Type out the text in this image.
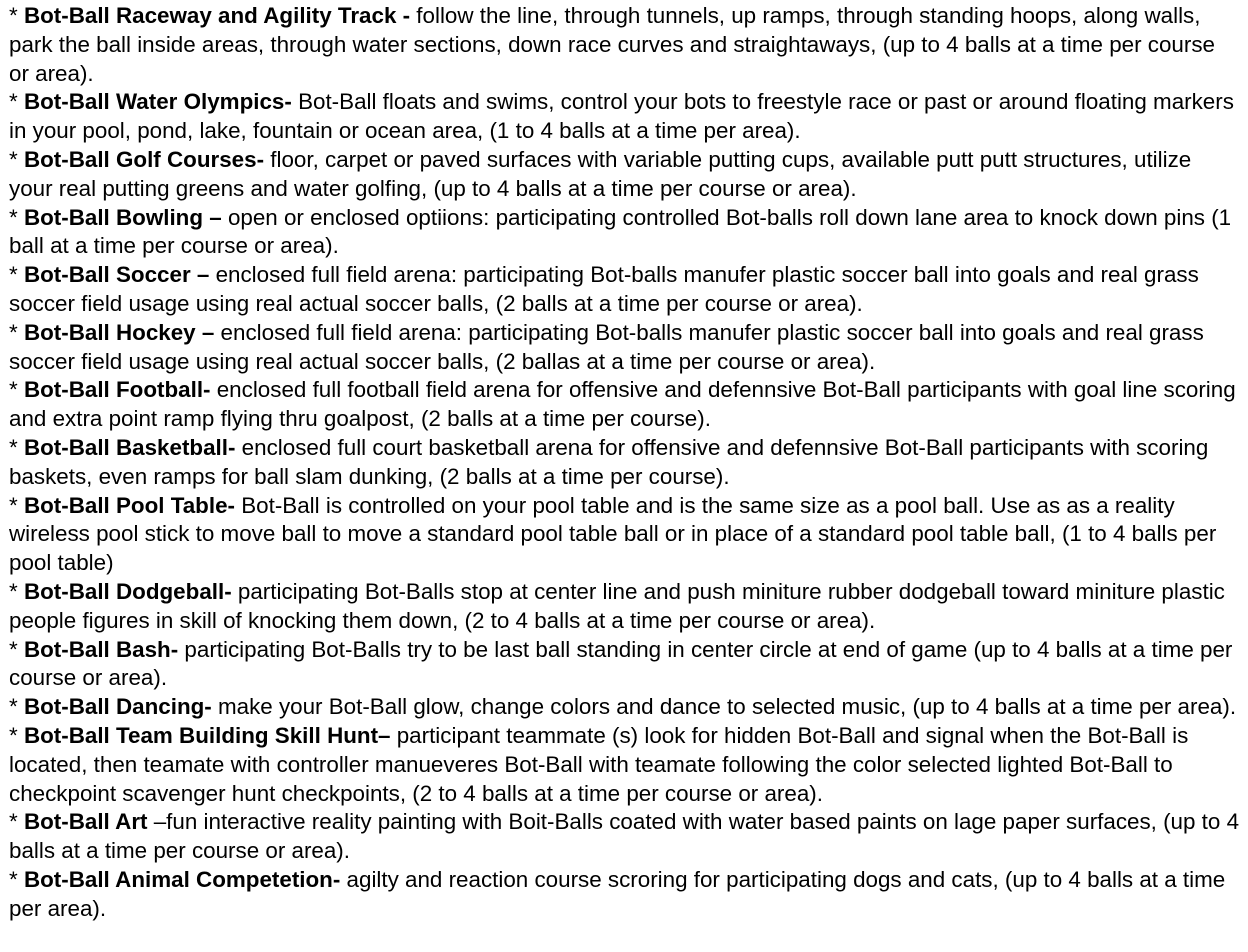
* Bot-Ball Raceway and Agility Track - follow the line, through tunnels, up ramps, through standing hoops, along walls, park the ball inside areas, through water sections, down race curves and straightaways, (up to 4 balls at a time per course or area).

* Bot-Ball Water Olympics- Bot-Ball floats and swims, control your bots to freestyle race or past or around floating markers in your pool, pond, lake, fountain or ocean area, (1 to 4 balls at a time per area).

* Bot-Ball Golf Courses- floor, carpet or paved surfaces with variable putting cups, available putt putt structures, utilize your real putting greens and water golfing, (up to 4 balls at a time per course or area).

* Bot-Ball Bowling – open or enclosed optiions: participating controlled Bot-balls roll down lane area to knock down pins (1 ball at a time per course or area).

* Bot-Ball Soccer – enclosed full field arena: participating Bot-balls manufer plastic soccer ball into goals and real grass soccer field usage using real actual soccer balls, (2 balls at a time per course or area).

* Bot-Ball Hockey – enclosed full field arena: participating Bot-balls manufer plastic soccer ball into goals and real grass soccer field usage using real actual soccer balls, (2 ballas at a time per course or area).

* Bot-Ball Football- enclosed full football field arena for offensive and defennsive Bot-Ball participants with goal line scoring and extra point ramp flying thru goalpost, (2 balls at a time per course).

* Bot-Ball Basketball- enclosed full court basketball arena for offensive and defennsive Bot-Ball participants with scoring baskets, even ramps for ball slam dunking, (2 balls at a time per course).

* Bot-Ball Pool Table- Bot-Ball is controlled on your pool table and is the same size as a pool ball. Use as as a reality wireless pool stick to move ball to move a standard pool table ball or in place of a standard pool table ball, (1 to 4 balls per pool table)

* Bot-Ball Dodgeball- participating Bot-Balls stop at center line and push miniture rubber dodgeball toward miniture plastic people figures in skill of knocking them down, (2 to 4 balls at a time per course or area).

* Bot-Ball Bash- participating Bot-Balls try to be last ball standing in center circle at end of game (up to 4 balls at a time per course or area).

* Bot-Ball Dancing- make your Bot-Ball glow, change colors and dance to selected music, (up to 4 balls at a time per area).

* Bot-Ball Team Building Skill Hunt– participant teammate (s) look for hidden Bot-Ball and signal when the Bot-Ball is located, then teamate with controller manueveres Bot-Ball with teamate following the color selected lighted Bot-Ball to checkpoint scavenger hunt checkpoints, (2 to 4 balls at a time per course or area).

* Bot-Ball Art –fun interactive reality painting with Boit-Balls coated with water based paints on lage paper surfaces, (up to 4 balls at a time per course or area).

* Bot-Ball Animal Competetion- agilty and reaction course scroring for participating dogs and cats, (up to 4 balls at a time per area).
